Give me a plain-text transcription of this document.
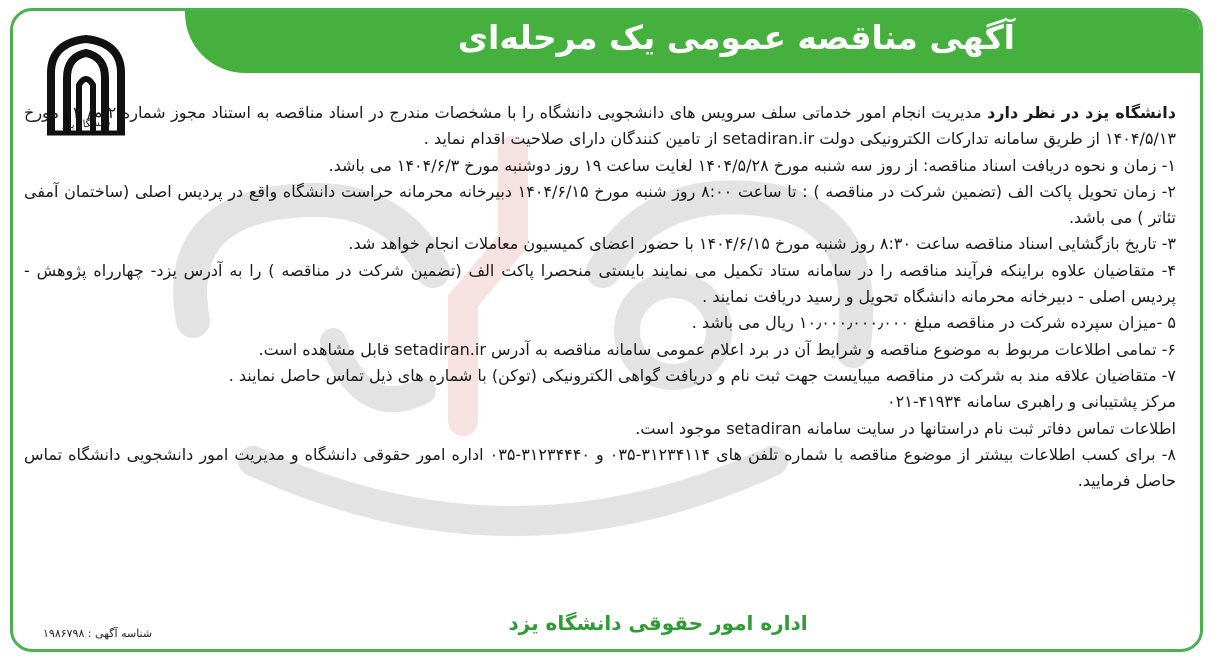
آگهی مناقصه عمومی یک مرحله‌ای
دانشگاه یزد

دانشگاه یزد در نظر دارد مدیریت انجام امور خدماتی سلف سرویس های دانشجویی دانشگاه را با مشخصات مندرج در اسناد مناقصه به استناد مجوز شماره ۲/م/ ۰۴ مورخ ۱۴۰۴/۵/۱۳ از طریق سامانه تدارکات الکترونیکی دولت setadiran.ir از تامین کنندگان دارای صلاحیت اقدام نماید .

۱- زمان و نحوه دریافت اسناد مناقصه: از روز سه شنبه مورخ ۱۴۰۴/۵/۲۸ لغایت ساعت ۱۹ روز دوشنبه مورخ ۱۴۰۴/۶/۳ می باشد.

۲- زمان تحویل پاکت الف (تضمین شرکت در مناقصه ) : تا ساعت ۸:۰۰ روز شنبه مورخ ۱۴۰۴/۶/۱۵ دبیرخانه محرمانه حراست دانشگاه واقع در پردیس اصلی (ساختمان آمفی تئاتر ) می باشد.

۳- تاریخ بازگشایی اسناد مناقصه ساعت ۸:۳۰ روز شنبه مورخ ۱۴۰۴/۶/۱۵ با حضور اعضای کمیسیون معاملات انجام خواهد شد.

۴- متقاضیان علاوه براینکه فرآیند مناقصه را در سامانه ستاد تکمیل می نمایند بایستی منحصرا پاکت الف (تضمین شرکت در مناقصه ) را به آدرس یزد- چهارراه پژوهش - پردیس اصلی - دبیرخانه محرمانه دانشگاه تحویل و رسید دریافت نمایند .

۵ -میزان سپرده شرکت در مناقصه مبلغ ۱۰٫۰۰۰٫۰۰۰٫۰۰۰ ریال می باشد .

۶- تمامی اطلاعات مربوط به موضوع مناقصه و شرایط آن در برد اعلام عمومی سامانه مناقصه به آدرس setadiran.ir قابل مشاهده است.

۷- متقاضیان علاقه مند به شرکت در مناقصه میبایست جهت ثبت نام و دریافت گواهی الکترونیکی (توکن) با شماره های ذیل تماس حاصل نمایند .

مرکز پشتیبانی و راهبری سامانه ۴۱۹۳۴-۰۲۱

اطلاعات تماس دفاتر ثبت نام دراستانها در سایت سامانه setadiran موجود است.

۸- برای کسب اطلاعات بیشتر از موضوع مناقصه با شماره تلفن های ۳۱۲۳۴۱۱۴-۰۳۵ و ۳۱۲۳۴۴۴۰-۰۳۵ اداره امور حقوقی دانشگاه و مدیریت امور دانشجویی دانشگاه تماس حاصل فرمایید.

اداره امور حقوقی دانشگاه یزد
شناسه آگهی : ۱۹۸۶۷۹۸
